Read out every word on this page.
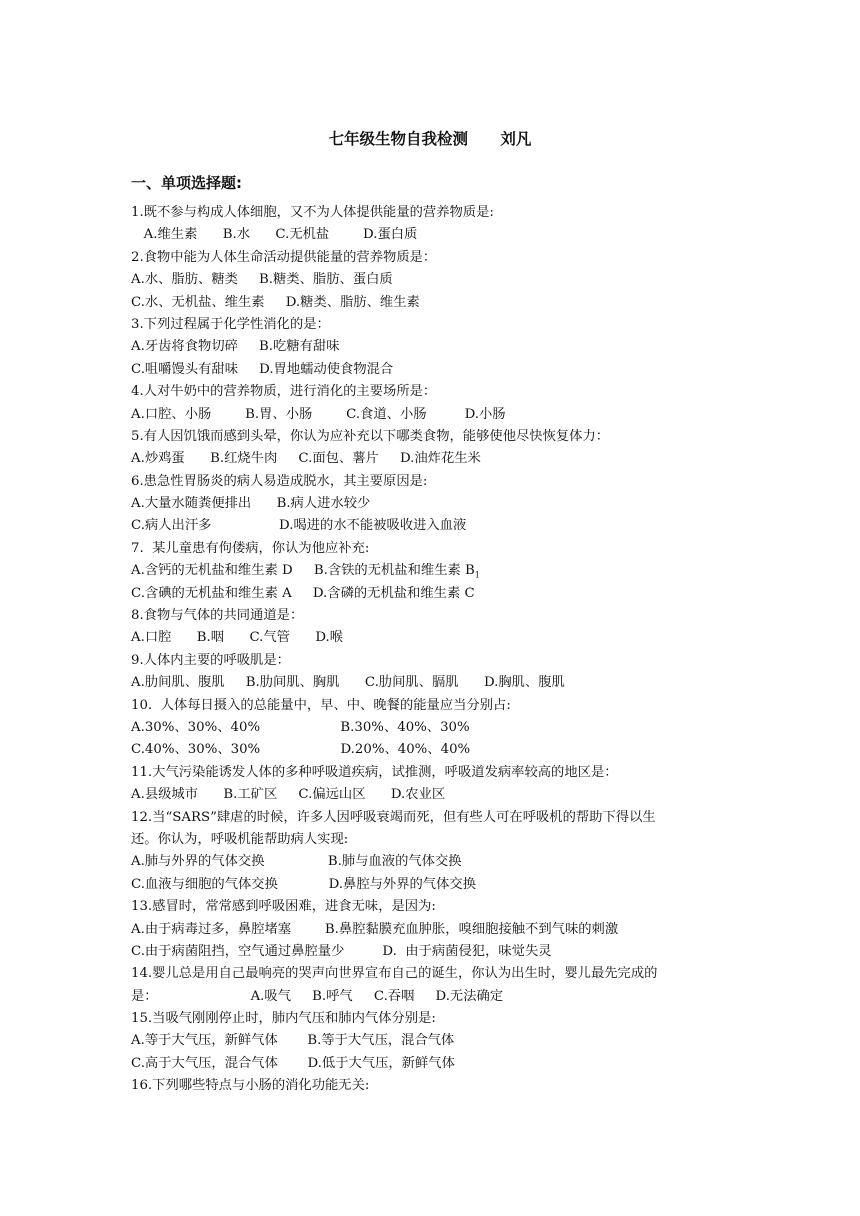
七年级生物自我检测      刘凡
一、单项选择题:
1.既不参与构成人体细胞，又不为人体提供能量的营养物质是:
A.维生素      B.水      C.无机盐        D.蛋白质
2.食物中能为人体生命活动提供能量的营养物质是：
A.水、脂肪、糖类     B.糖类、脂肪、蛋白质
C.水、无机盐、维生素     D.糖类、脂肪、维生素
3.下列过程属于化学性消化的是：
A.牙齿将食物切碎     B.吃糖有甜味
C.咀嚼馒头有甜味     D.胃地蠕动使食物混合
4.人对牛奶中的营养物质，进行消化的主要场所是：
A.口腔、小肠        B.胃、小肠        C.食道、小肠         D.小肠
5.有人因饥饿而感到头晕，你认为应补充以下哪类食物，能够使他尽快恢复体力：
A.炒鸡蛋      B.红烧牛肉     C.面包、薯片     D.油炸花生米
6.患急性胃肠炎的病人易造成脱水，其主要原因是:
A.大量水随粪便排出      B.病人进水较少
C.病人出汗多                D.喝进的水不能被吸收进入血液
7.  某儿童患有佝偻病，你认为他应补充:
A.含钙的无机盐和维生素 D     B.含铁的无机盐和维生素 $B_1$
C.含碘的无机盐和维生素 A     D.含磷的无机盐和维生素 C
8.食物与气体的共同通道是：
A.口腔      B.咽      C.气管      D.喉
9.人体内主要的呼吸肌是：
A.肋间肌、腹肌     B.肋间肌、胸肌      C.肋间肌、膈肌      D.胸肌、腹肌
10.  人体每日摄入的总能量中，早、中、晚餐的能量应当分别占:
A.30%、30%、40%                   B.30%、40%、30%
C.40%、30%、30%                   D.20%、40%、40%
11.大气污染能诱发人体的多种呼吸道疾病，试推测，呼吸道发病率较高的地区是：
A.县级城市      B.工矿区     C.偏远山区      D.农业区
12.当“SARS”肆虐的时候，许多人因呼吸衰竭而死，但有些人可在呼吸机的帮助下得以生
还。你认为，呼吸机能帮助病人实现:
A.肺与外界的气体交换               B.肺与血液的气体交换
C.血液与细胞的气体交换            D.鼻腔与外界的气体交换
13.感冒时，常常感到呼吸困难，进食无味，是因为:
A.由于病毒过多，鼻腔堵塞        B.鼻腔黏膜充血肿胀，嗅细胞接触不到气味的刺激
C.由于病菌阻挡，空气通过鼻腔量少         D.  由于病菌侵犯，味觉失灵
14.婴儿总是用自己最响亮的哭声向世界宣布自己的诞生，你认为出生时，婴儿最先完成的
是：                      A.吸气     B.呼气     C.吞咽     D.无法确定
15.当吸气刚刚停止时，肺内气压和肺内气体分别是:
A.等于大气压，新鲜气体       B.等于大气压，混合气体
C.高于大气压，混合气体       D.低于大气压，新鲜气体
16.下列哪些特点与小肠的消化功能无关:
